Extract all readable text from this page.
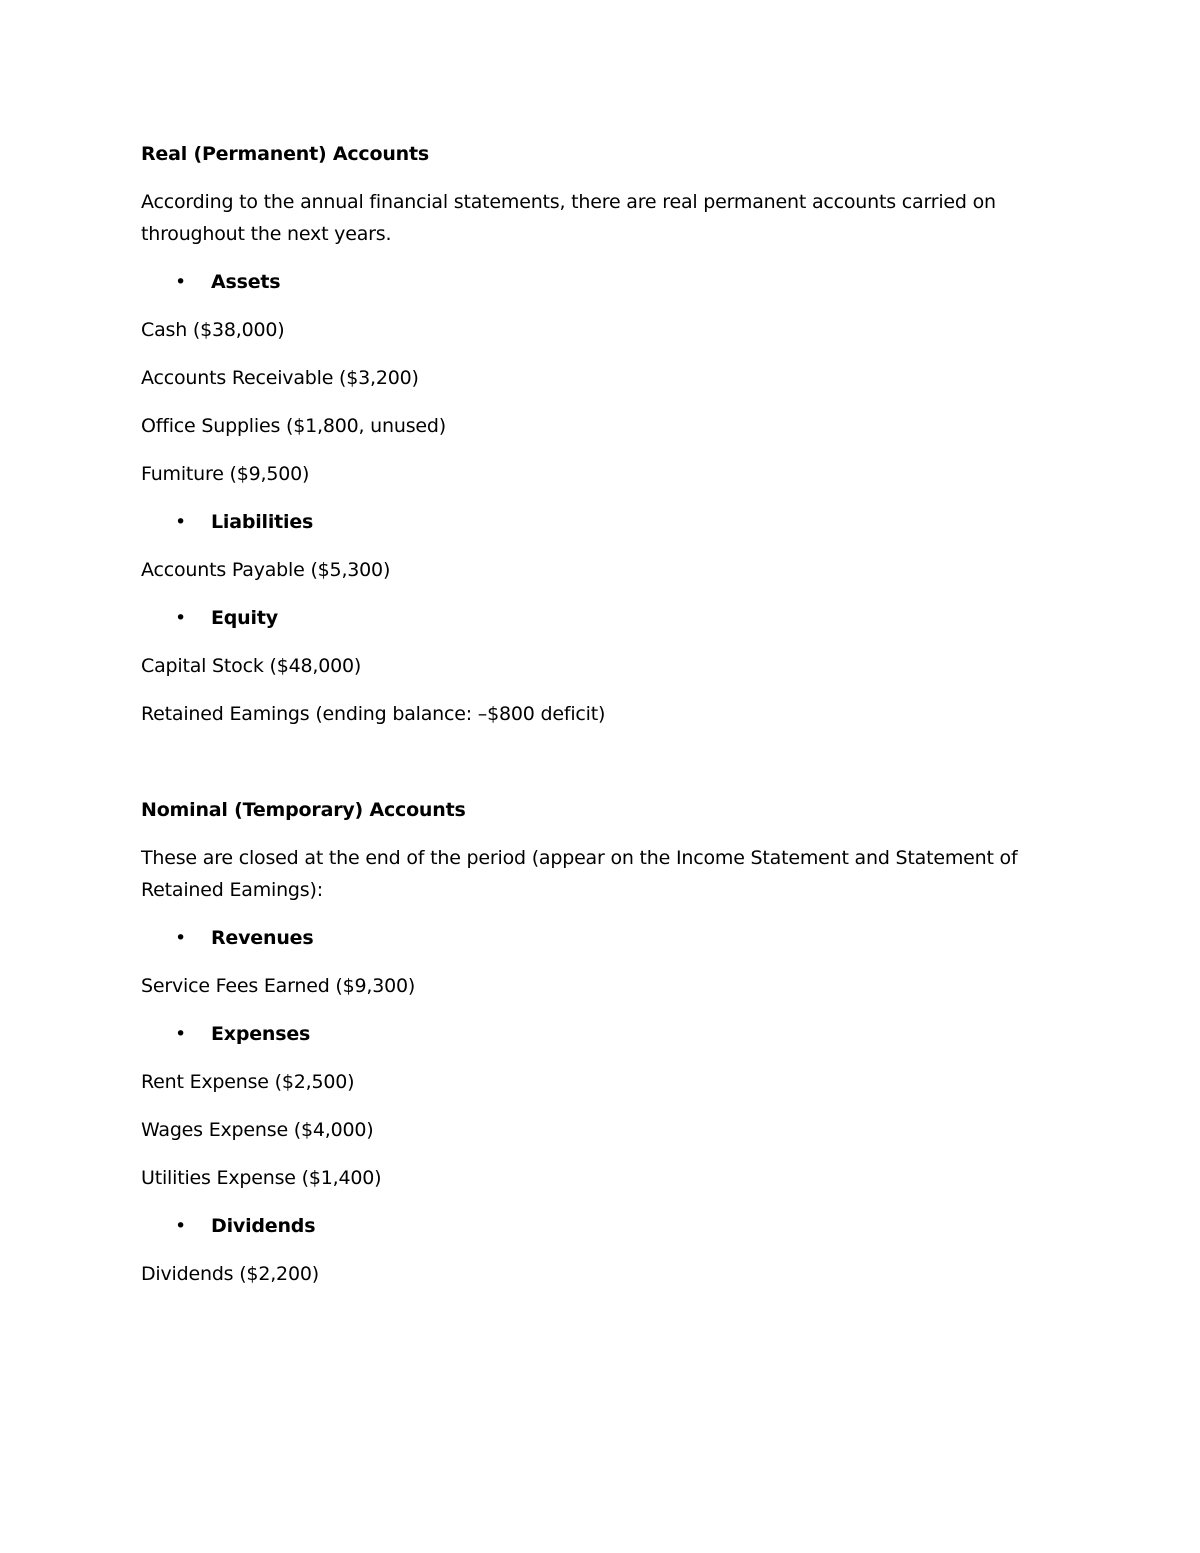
Real (Permanent) Accounts
According to the annual financial statements, there are real permanent accounts carried on throughout the next years.
• Assets
Cash ($38,000)
Accounts Receivable ($3,200)
Office Supplies ($1,800, unused)
Fumiture ($9,500)
• Liabilities
Accounts Payable ($5,300)
• Equity
Capital Stock ($48,000)
Retained Eamings (ending balance: –$800 deficit)
Nominal (Temporary) Accounts
These are closed at the end of the period (appear on the Income Statement and Statement of Retained Eamings):
• Revenues
Service Fees Earned ($9,300)
• Expenses
Rent Expense ($2,500)
Wages Expense ($4,000)
Utilities Expense ($1,400)
• Dividends
Dividends ($2,200)
